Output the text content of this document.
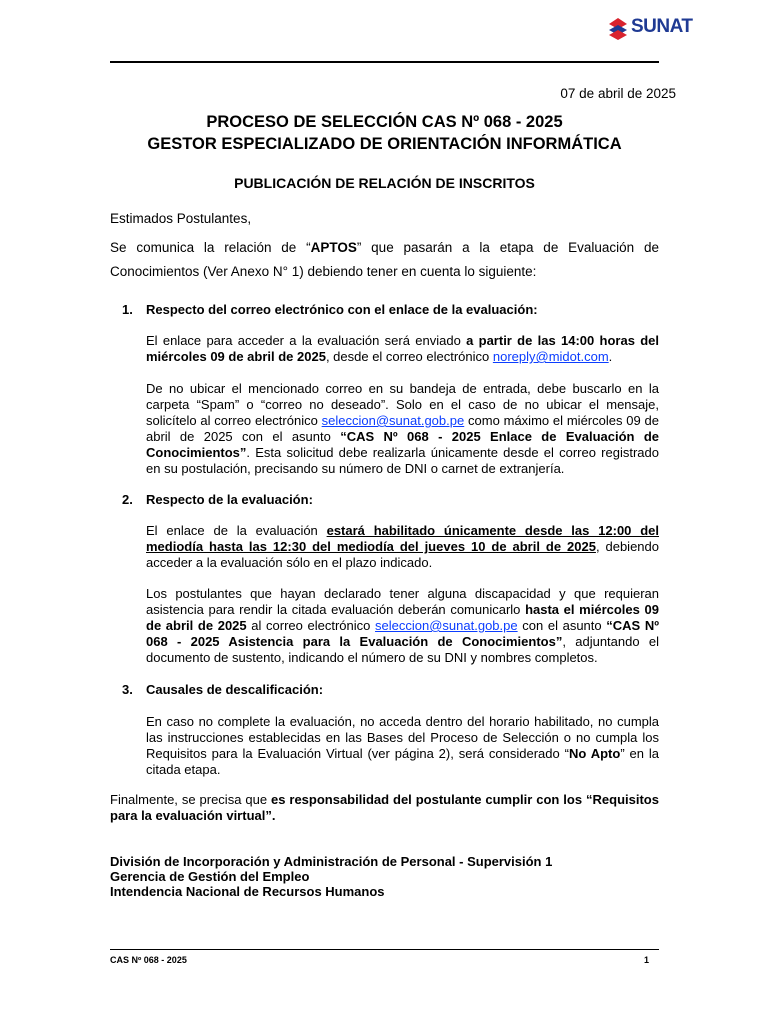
SUNAT
07 de abril de 2025
PROCESO DE SELECCIÓN CAS Nº 068 - 2025
GESTOR ESPECIALIZADO DE ORIENTACIÓN INFORMÁTICA
PUBLICACIÓN DE RELACIÓN DE INSCRITOS
Estimados Postulantes,
Se comunica la relación de “APTOS” que pasarán a la etapa de Evaluación de Conocimientos (Ver Anexo N° 1) debiendo tener en cuenta lo siguiente:
1. Respecto del correo electrónico con el enlace de la evaluación:
El enlace para acceder a la evaluación será enviado a partir de las 14:00 horas del miércoles 09 de abril de 2025, desde el correo electrónico noreply@midot.com.
De no ubicar el mencionado correo en su bandeja de entrada, debe buscarlo en la carpeta “Spam” o “correo no deseado”. Solo en el caso de no ubicar el mensaje, solicítelo al correo electrónico seleccion@sunat.gob.pe como máximo el miércoles 09 de abril de 2025 con el asunto “CAS Nº 068 - 2025 Enlace de Evaluación de Conocimientos”. Esta solicitud debe realizarla únicamente desde el correo registrado en su postulación, precisando su número de DNI o carnet de extranjería.
2. Respecto de la evaluación:
El enlace de la evaluación estará habilitado únicamente desde las 12:00 del mediodía hasta las 12:30 del mediodía del jueves 10 de abril de 2025, debiendo acceder a la evaluación sólo en el plazo indicado.
Los postulantes que hayan declarado tener alguna discapacidad y que requieran asistencia para rendir la citada evaluación deberán comunicarlo hasta el miércoles 09 de abril de 2025 al correo electrónico seleccion@sunat.gob.pe con el asunto “CAS Nº 068 - 2025 Asistencia para la Evaluación de Conocimientos”, adjuntando el documento de sustento, indicando el número de su DNI y nombres completos.
3. Causales de descalificación:
En caso no complete la evaluación, no acceda dentro del horario habilitado, no cumpla las instrucciones establecidas en las Bases del Proceso de Selección o no cumpla los Requisitos para la Evaluación Virtual (ver página 2), será considerado “No Apto” en la citada etapa.
Finalmente, se precisa que es responsabilidad del postulante cumplir con los “Requisitos para la evaluación virtual”.
División de Incorporación y Administración de Personal - Supervisión 1
Gerencia de Gestión del Empleo
Intendencia Nacional de Recursos Humanos
CAS Nº 068 - 2025	1
